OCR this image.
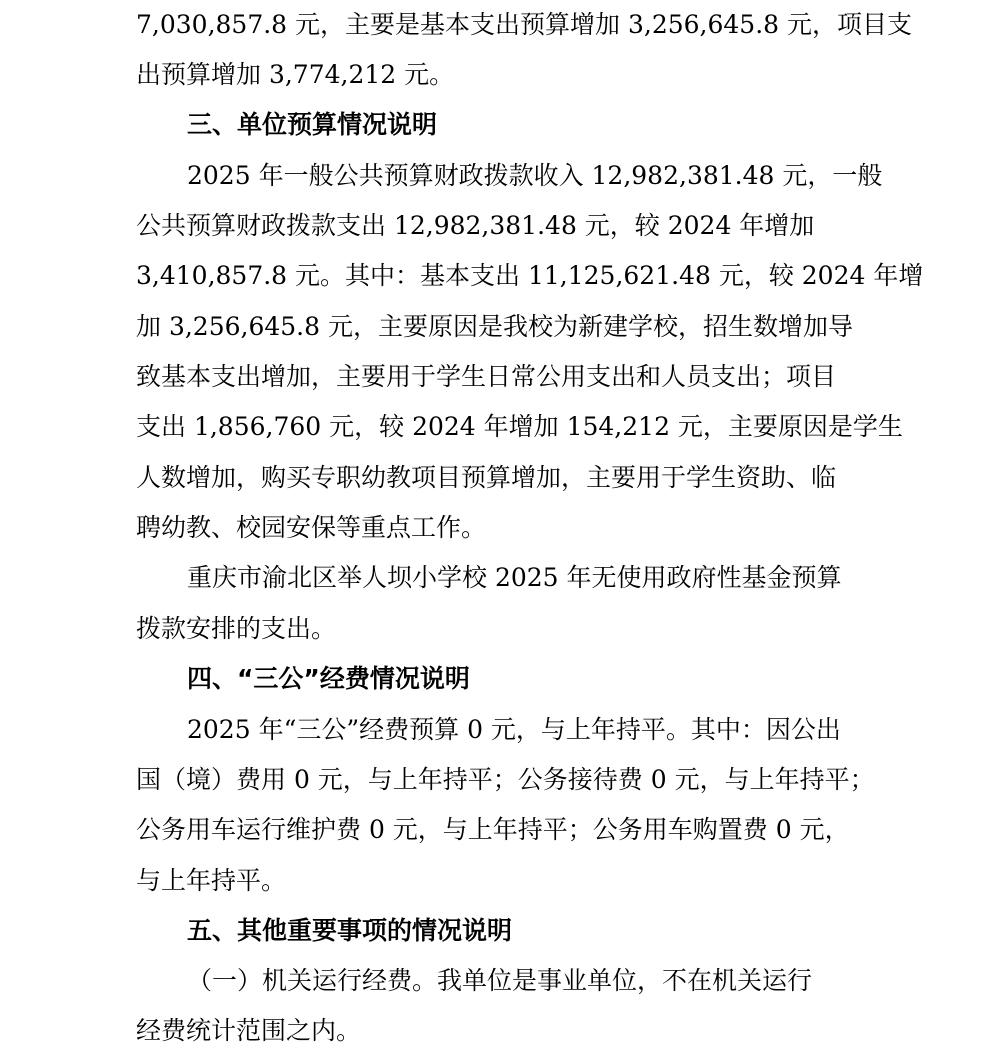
7,030,857.8 元，主要是基本支出预算增加 3,256,645.8 元，项目支
出预算增加 3,774,212 元。
三、单位预算情况说明
2025 年一般公共预算财政拨款收入 12,982,381.48 元，一般
公共预算财政拨款支出 12,982,381.48 元，较 2024 年增加
3,410,857.8 元。其中：基本支出 11,125,621.48 元，较 2024 年增
加 3,256,645.8 元，主要原因是我校为新建学校，招生数增加导
致基本支出增加，主要用于学生日常公用支出和人员支出；项目
支出 1,856,760 元，较 2024 年增加 154,212 元，主要原因是学生
人数增加，购买专职幼教项目预算增加，主要用于学生资助、临
聘幼教、校园安保等重点工作。
重庆市渝北区举人坝小学校 2025 年无使用政府性基金预算
拨款安排的支出。
四、“三公”经费情况说明
2025 年“三公”经费预算 0 元，与上年持平。其中：因公出
国（境）费用 0 元，与上年持平；公务接待费 0 元，与上年持平；
公务用车运行维护费 0 元，与上年持平；公务用车购置费 0 元，
与上年持平。
五、其他重要事项的情况说明
（一）机关运行经费。我单位是事业单位，不在机关运行
经费统计范围之内。
